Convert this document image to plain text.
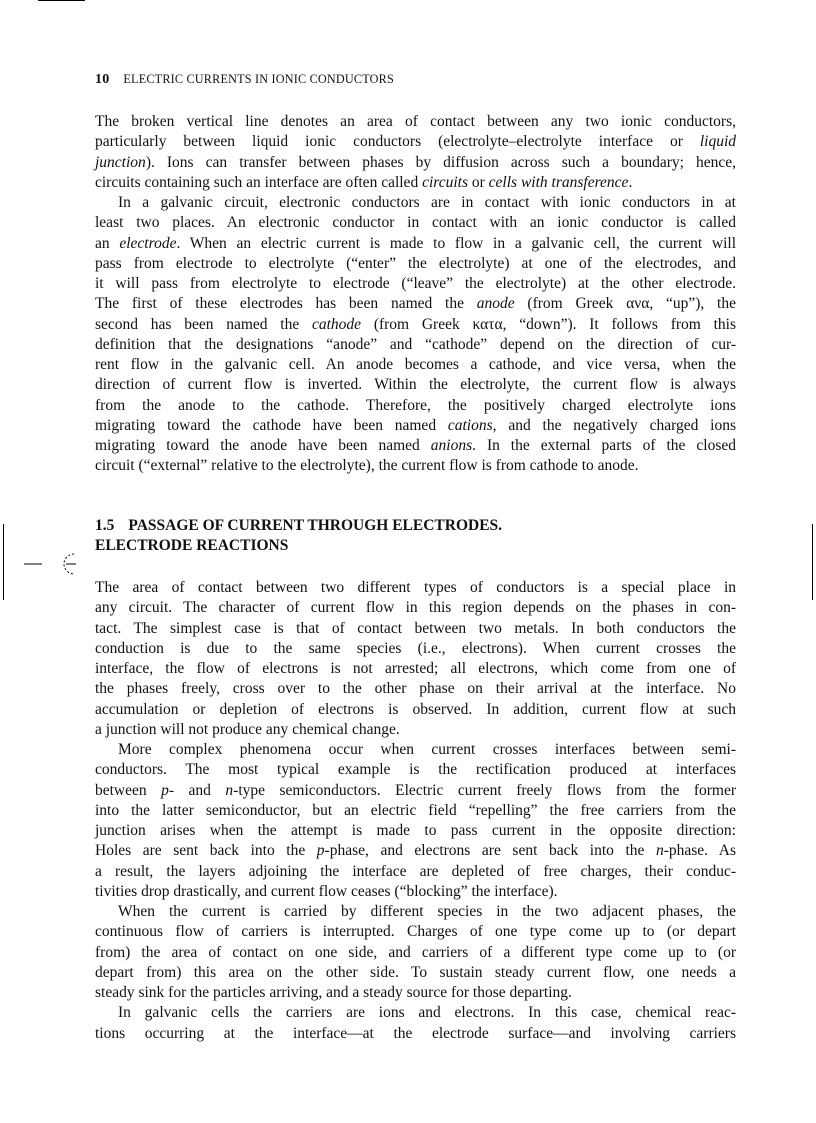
10 ELECTRIC CURRENTS IN IONIC CONDUCTORS
The broken vertical line denotes an area of contact between any two ionic conductors,
particularly between liquid ionic conductors (electrolyte–electrolyte interface or liquid
junction). Ions can transfer between phases by diffusion across such a boundary; hence,
circuits containing such an interface are often called circuits or cells with transference.
In a galvanic circuit, electronic conductors are in contact with ionic conductors in at
least two places. An electronic conductor in contact with an ionic conductor is called
an electrode. When an electric current is made to flow in a galvanic cell, the current will
pass from electrode to electrolyte (“enter” the electrolyte) at one of the electrodes, and
it will pass from electrolyte to electrode (“leave” the electrolyte) at the other electrode.
The first of these electrodes has been named the anode (from Greek ανα, “up”), the
second has been named the cathode (from Greek κατα, “down”). It follows from this
definition that the designations “anode” and “cathode” depend on the direction of cur-
rent flow in the galvanic cell. An anode becomes a cathode, and vice versa, when the
direction of current flow is inverted. Within the electrolyte, the current flow is always
from the anode to the cathode. Therefore, the positively charged electrolyte ions
migrating toward the cathode have been named cations, and the negatively charged ions
migrating toward the anode have been named anions. In the external parts of the closed
circuit (“external” relative to the electrolyte), the current flow is from cathode to anode.
1.5 PASSAGE OF CURRENT THROUGH ELECTRODES.
ELECTRODE REACTIONS
The area of contact between two different types of conductors is a special place in
any circuit. The character of current flow in this region depends on the phases in con-
tact. The simplest case is that of contact between two metals. In both conductors the
conduction is due to the same species (i.e., electrons). When current crosses the
interface, the flow of electrons is not arrested; all electrons, which come from one of
the phases freely, cross over to the other phase on their arrival at the interface. No
accumulation or depletion of electrons is observed. In addition, current flow at such
a junction will not produce any chemical change.
More complex phenomena occur when current crosses interfaces between semi-
conductors. The most typical example is the rectification produced at interfaces
between p- and n-type semiconductors. Electric current freely flows from the former
into the latter semiconductor, but an electric field “repelling” the free carriers from the
junction arises when the attempt is made to pass current in the opposite direction:
Holes are sent back into the p-phase, and electrons are sent back into the n-phase. As
a result, the layers adjoining the interface are depleted of free charges, their conduc-
tivities drop drastically, and current flow ceases (“blocking” the interface).
When the current is carried by different species in the two adjacent phases, the
continuous flow of carriers is interrupted. Charges of one type come up to (or depart
from) the area of contact on one side, and carriers of a different type come up to (or
depart from) this area on the other side. To sustain steady current flow, one needs a
steady sink for the particles arriving, and a steady source for those departing.
In galvanic cells the carriers are ions and electrons. In this case, chemical reac-
tions occurring at the interface—at the electrode surface—and involving carriers
